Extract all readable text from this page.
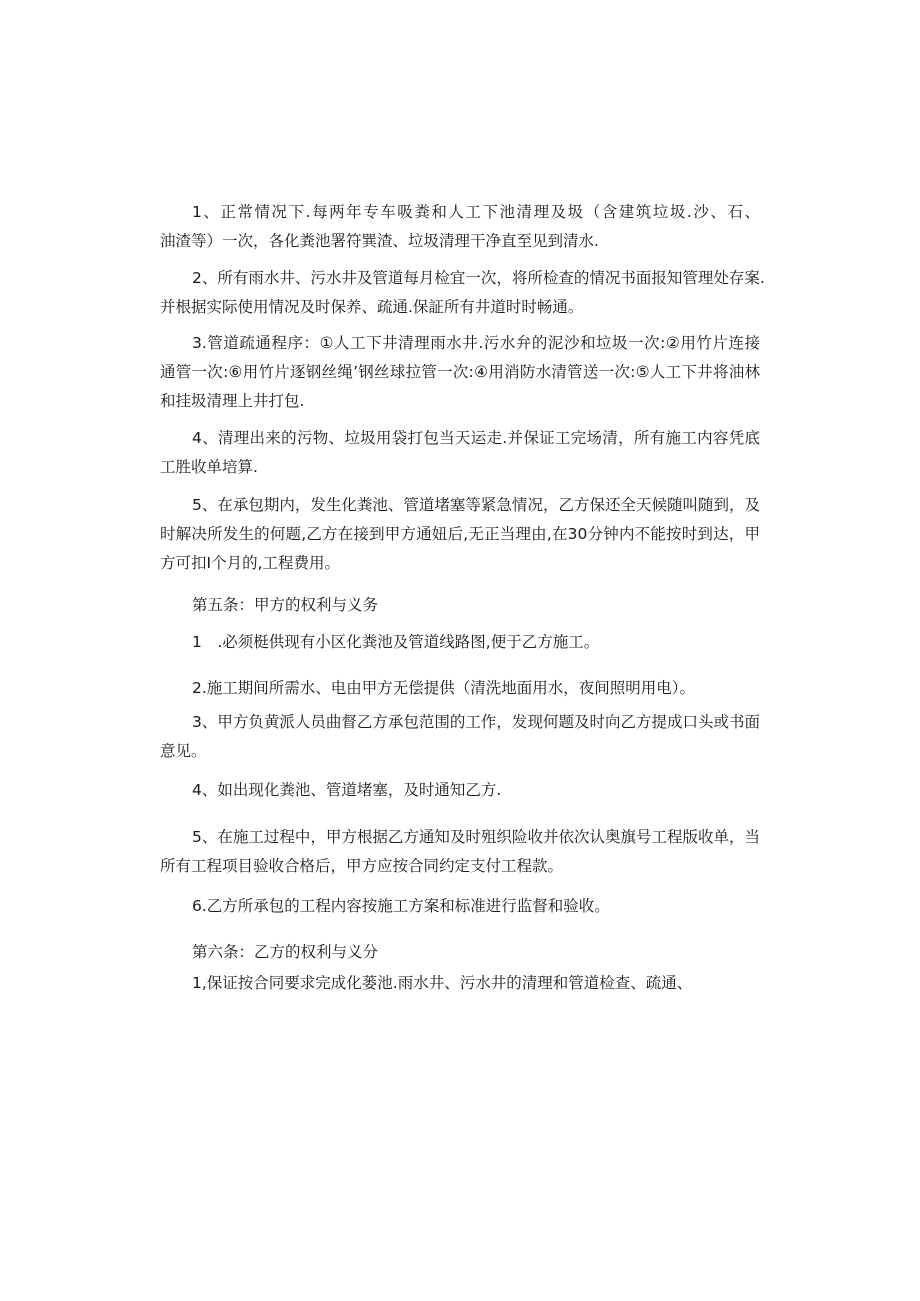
1、正常情况下.每两年专车吸粪和人工下池清理及圾（含建筑垃圾.沙、石、
油渣等）一次，各化粪池署符巽渣、垃圾清理干净直至见到清水.
2、所有雨水井、污水井及管道每月检宜一次，将所检查的情况书面报知管理处存案.
并根据实际使用情况及时保养、疏通.保証所有井道时时畅通。
3.管道疏通程序：①人工下井清理雨水井.污水弁的泥沙和垃圾一次:②用竹片连接
通管一次:⑥用竹片逐钢丝绳’钢丝球拉管一次:④用消防水清管送一次:⑤人工下井将油林
和挂圾清理上井打包.
4、清理出来的污物、垃圾用袋打包当天运走.并保证工完场清，所有施工内容凭底
工胜收单培算.
5、在承包期内，发生化粪池、管道堵塞等紧急情况，乙方保还全天候随叫随到，及
时解决所发生的何题,乙方在接到甲方通妞后,无正当理由,在30分钟内不能按时到达，甲
方可扣I个月的,工程费用。
第五条：甲方的权利与义务
1　.必须梃供现有小区化粪池及管道线路图,便于乙方施工。
2.施工期间所需水、电由甲方无偿提供（清洗地面用水，夜间照明用电）。
3、甲方负黄派人员曲督乙方承包范围的工作，发现何题及时向乙方提成口头或书面
意见。
4、如出现化粪池、管道堵塞，及时通知乙方.
5、在施工过程中，甲方根据乙方通知及时殂织险收并依次认奥旗号工程版收单，当
所有工程项目验收合格后，甲方应按合同约定支付工程款。
6.乙方所承包的工程内容按施工方案和标准进行监督和验收。
第六条：乙方的权利与义分
1,保证按合同要求完成化蒌池.雨水井、污水井的清理和管道检查、疏通、
